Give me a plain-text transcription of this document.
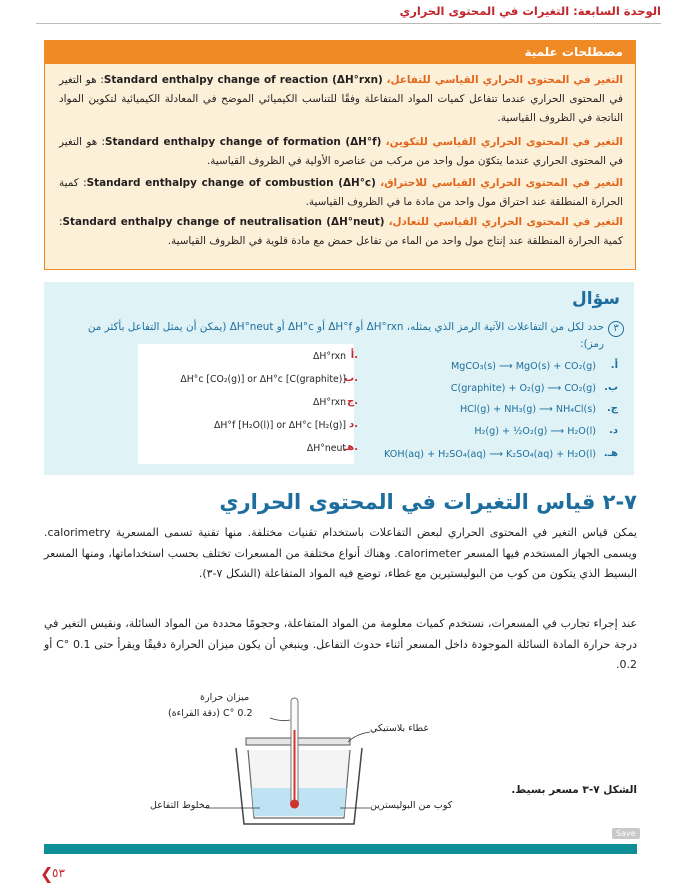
الوحدة السابعة: التغيرات في المحتوى الحراري
مصطلحات علمية
التغير في المحتوى الحراري القياسي للتفاعل، Standard enthalpy change of reaction (ΔH°rxn): هو التغير في المحتوى الحراري عندما تتفاعل كميات المواد المتفاعلة وفقًا للتناسب الكيميائي الموضح في المعادلة الكيميائية لتكوين المواد الناتجة في الظروف القياسية.
التغير في المحتوى الحراري القياسي للتكوين، Standard enthalpy change of formation (ΔH°f): هو التغير في المحتوى الحراري عندما يتكوّن مول واحد من مركب من عناصره الأولية في الظروف القياسية.
التغير في المحتوى الحراري القياسي للاحتراق، Standard enthalpy change of combustion (ΔH°c): كمية الحرارة المنطلقة عند احتراق مول واحد من مادة ما في الظروف القياسية.
التغير في المحتوى الحراري القياسي للتعادل، Standard enthalpy change of neutralisation (ΔH°neut): كمية الحرارة المنطلقة عند إنتاج مول واحد من الماء من تفاعل حمض مع مادة قلوية في الظروف القياسية.
سؤال
٣
حدد لكل من التفاعلات الآتية الرمز الذي يمثله، ΔH°rxn أو ΔH°f أو ΔH°c أو ΔH°neut (يمكن أن يمثل التفاعل بأكثر من رمز):
أ.
MgCO₃(s) ⟶ MgO(s) + CO₂(g)
ب.
C(graphite) + O₂(g) ⟶ CO₂(g)
ج.
HCl(g) + NH₃(g) ⟶ NH₄Cl(s)
د.
H₂(g) + ½O₂(g) ⟶ H₂O(l)
هـ.
KOH(aq) + H₂SO₄(aq) ⟶ K₂SO₄(aq) + H₂O(l)
أ.
ΔH°rxn
ب.
ΔH°c [CO₂(g)] or ΔH°c [C(graphite)]
ج.
ΔH°rxn
د.
ΔH°f [H₂O(l)] or ΔH°c [H₂(g)]
هـ.
ΔH°neut
٧-٢ قياس التغيرات في المحتوى الحراري
يمكن قياس التغير في المحتوى الحراري لبعض التفاعلات باستخدام تقنيات مختلفة. منها تقنية تسمى المسعرية calorimetry. ويسمى الجهاز المستخدم فيها المسعر calorimeter. وهناك أنواع مختلفة من المسعرات تختلف بحسب استخداماتها، ومنها المسعر البسيط الذي يتكون من كوب من البوليستيرين مع غطاء، توضع فيه المواد المتفاعلة (الشكل ٧-٣).
عند إجراء تجارب في المسعرات، نستخدم كميات معلومة من المواد المتفاعلة، وحجومًا محددة من المواد السائلة، ونقيس التغير في درجة حرارة المادة السائلة الموجودة داخل المسعر أثناء حدوث التفاعل. وينبغي أن يكون ميزان الحرارة دقيقًا ويقرأ حتى 0.1 °C أو 0.2.
ميزان حرارة
0.2 °C (دقة القراءة)
غطاء بلاستيكي
مخلوط التفاعل	كوب من البوليسترين
الشكل ٧-٣ مسعر بسيط.
Save
❮
٥٣
